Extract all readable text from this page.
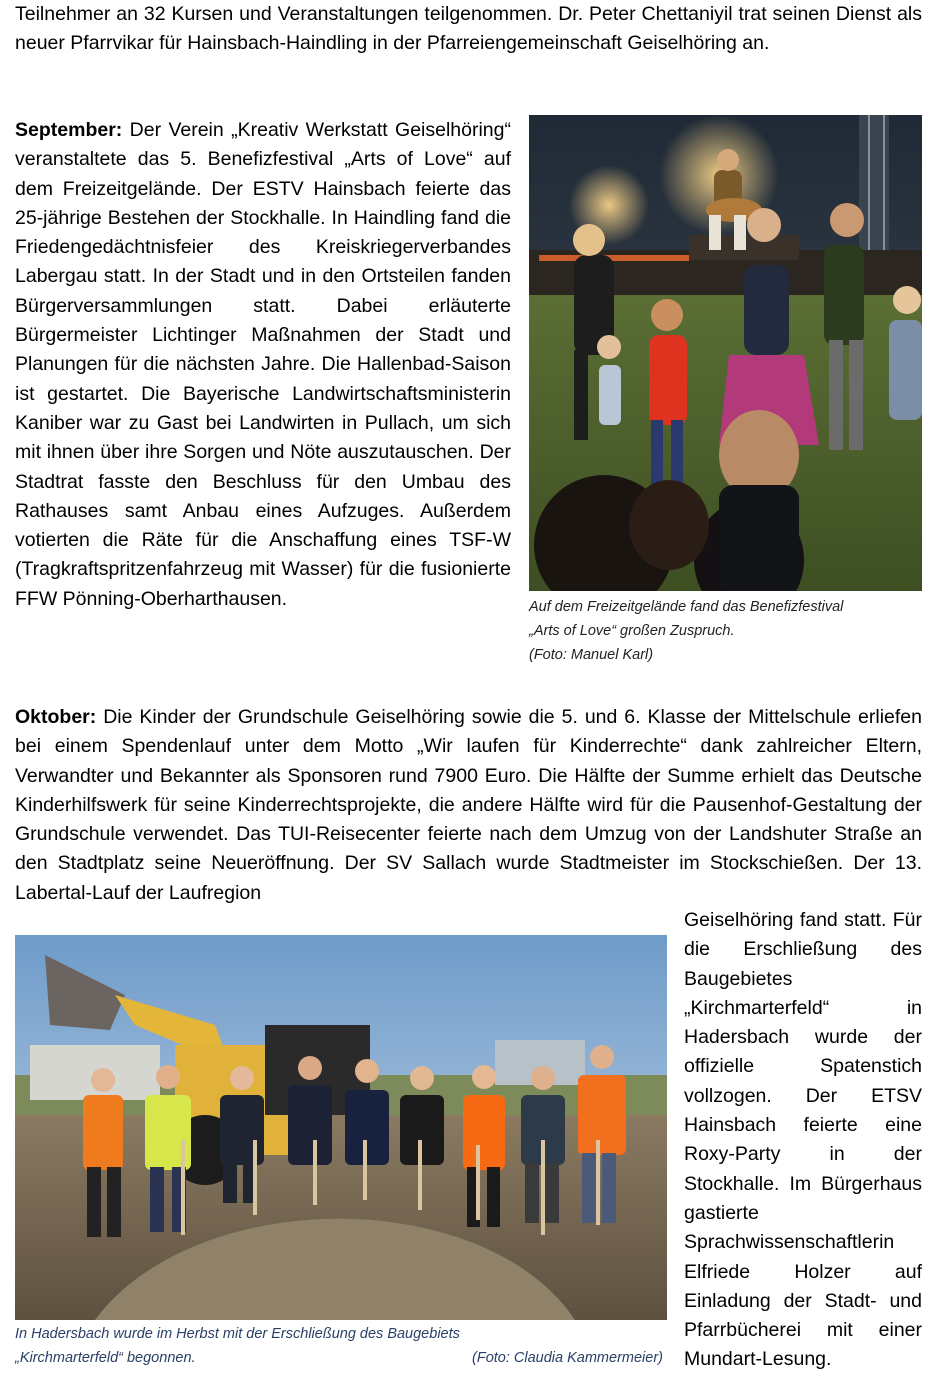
Teilnehmer an 32 Kursen und Veranstaltungen teilgenommen. Dr. Peter Chettaniyil trat seinen Dienst als neuer Pfarrvikar für Hainsbach-Haindling in der Pfarreiengemeinschaft Geiselhöring an.

September: Der Verein „Kreativ Werkstatt Geiselhöring“ veranstaltete das 5. Benefizfestival „Arts of Love“ auf dem Freizeitgelände. Der ESTV Hainsbach feierte das 25-jährige Bestehen der Stockhalle. In Haindling fand die Friedengedächtnisfeier des Kreiskriegerverbandes Labergau statt. In der Stadt und in den Ortsteilen fanden Bürgerversammlungen statt. Dabei erläuterte Bürgermeister Lichtinger Maßnahmen der Stadt und Planungen für die nächsten Jahre. Die Hallenbad-Saison ist gestartet. Die Bayerische Landwirtschaftsministerin Kaniber war zu Gast bei Landwirten in Pullach, um sich mit ihnen über ihre Sorgen und Nöte auszutauschen. Der Stadtrat fasste den Beschluss für den Umbau des Rathauses samt Anbau eines Aufzuges. Außerdem votierten die Räte für die Anschaffung eines TSF-W (Tragkraftspritzenfahrzeug mit Wasser) für die fusionierte FFW Pönning-Oberharthausen.	Auf dem Freizeitgelände fand das Benefizfestival
„Arts of Love“ großen Zuspruch.
(Foto: Manuel Karl)

Oktober: Die Kinder der Grundschule Geiselhöring sowie die 5. und 6. Klasse der Mittelschule erliefen bei einem Spendenlauf unter dem Motto „Wir laufen für Kinderrechte“ dank zahlreicher Eltern, Verwandter und Bekannter als Sponsoren rund 7900 Euro. Die Hälfte der Summe erhielt das Deutsche Kinderhilfswerk für seine Kinderrechtsprojekte, die andere Hälfte wird für die Pausenhof-Gestaltung der Grundschule verwendet. Das TUI-Reisecenter feierte nach dem Umzug von der Landshuter Straße an den Stadtplatz seine Neueröffnung. Der SV Sallach wurde Stadtmeister im Stockschießen. Der 13. Labertal-Lauf der Laufregion

In Hadersbach wurde im Herbst mit der Erschließung des Baugebiets
„Kirchmarterfeld“ begonnen.	(Foto: Claudia Kammermeier)

Geiselhöring fand statt. Für die Erschließung des Baugebietes „Kirchmarterfeld“ in Hadersbach wurde der offizielle Spatenstich vollzogen. Der ETSV Hainsbach feierte eine Roxy-Party in der Stockhalle. Im Bürgerhaus gastierte Sprachwissenschaftlerin Elfriede Holzer auf Einladung der Stadt- und Pfarrbücherei mit einer Mundart-Lesung.
